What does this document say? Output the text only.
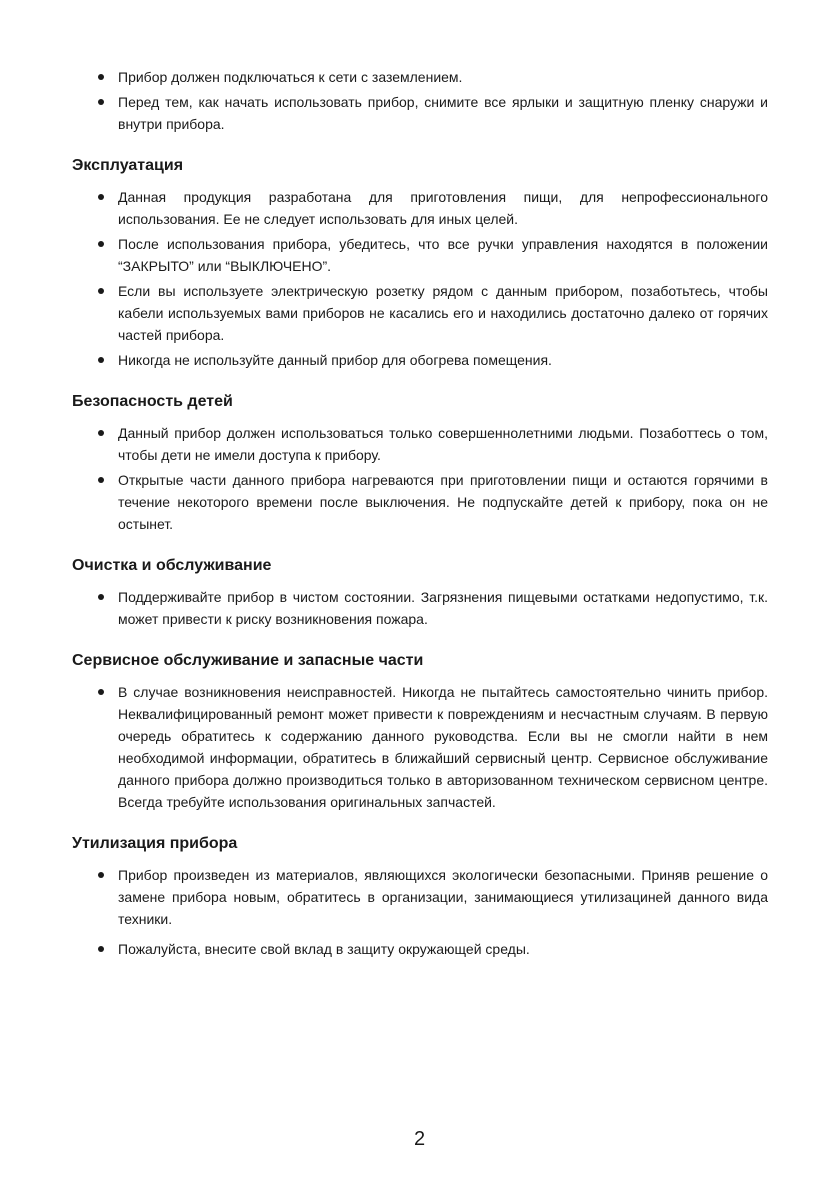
Прибор должен подключаться к сети с заземлением.
Перед тем, как начать использовать прибор, снимите все ярлыки и защитную пленку снаружи и внутри прибора.
Эксплуатация
Данная продукция разработана для приготовления пищи, для непрофессионального использования. Ее не следует использовать для иных целей.
После использования прибора, убедитесь, что все ручки управления находятся в положении “ЗАКРЫТО” или “ВЫКЛЮЧЕНО”.
Если вы используете электрическую розетку рядом с данным прибором, позаботьтесь, чтобы кабели используемых вами приборов не касались его и находились достаточно далеко от горячих частей прибора.
Никогда не используйте данный прибор для обогрева помещения.
Безопасность детей
Данный прибор должен использоваться только совершеннолетними людьми. Позаботтесь о том, чтобы дети не имели доступа к прибору.
Открытые части данного прибора нагреваются при приготовлении пищи и остаются горячими в течение некоторого времени после выключения. Не подпускайте детей к прибору, пока он не остынет.
Очистка и обслуживание
Поддерживайте прибор в чистом состоянии. Загрязнения пищевыми остатками недопустимо, т.к. может привести к риску возникновения пожара.
Сервисное обслуживание и запасные части
В случае возникновения неисправностей. Никогда не пытайтесь самостоятельно чинить прибор. Неквалифицированный ремонт может привести к повреждениям и несчастным случаям. В первую очередь обратитесь к содержанию данного руководства. Если вы не смогли найти в нем необходимой информации, обратитесь в ближайший сервисный центр. Сервисное обслуживание данного прибора должно производиться только в авторизованном техническом сервисном центре. Всегда требуйте использования оригинальных запчастей.
Утилизация прибора
Прибор произведен из материалов, являющихся экологически безопасными. Приняв решение о замене прибора новым, обратитесь в организации, занимающиеся утилизациней данного вида техники.
Пожалуйста, внесите свой вклад в защиту окружающей среды.
2
